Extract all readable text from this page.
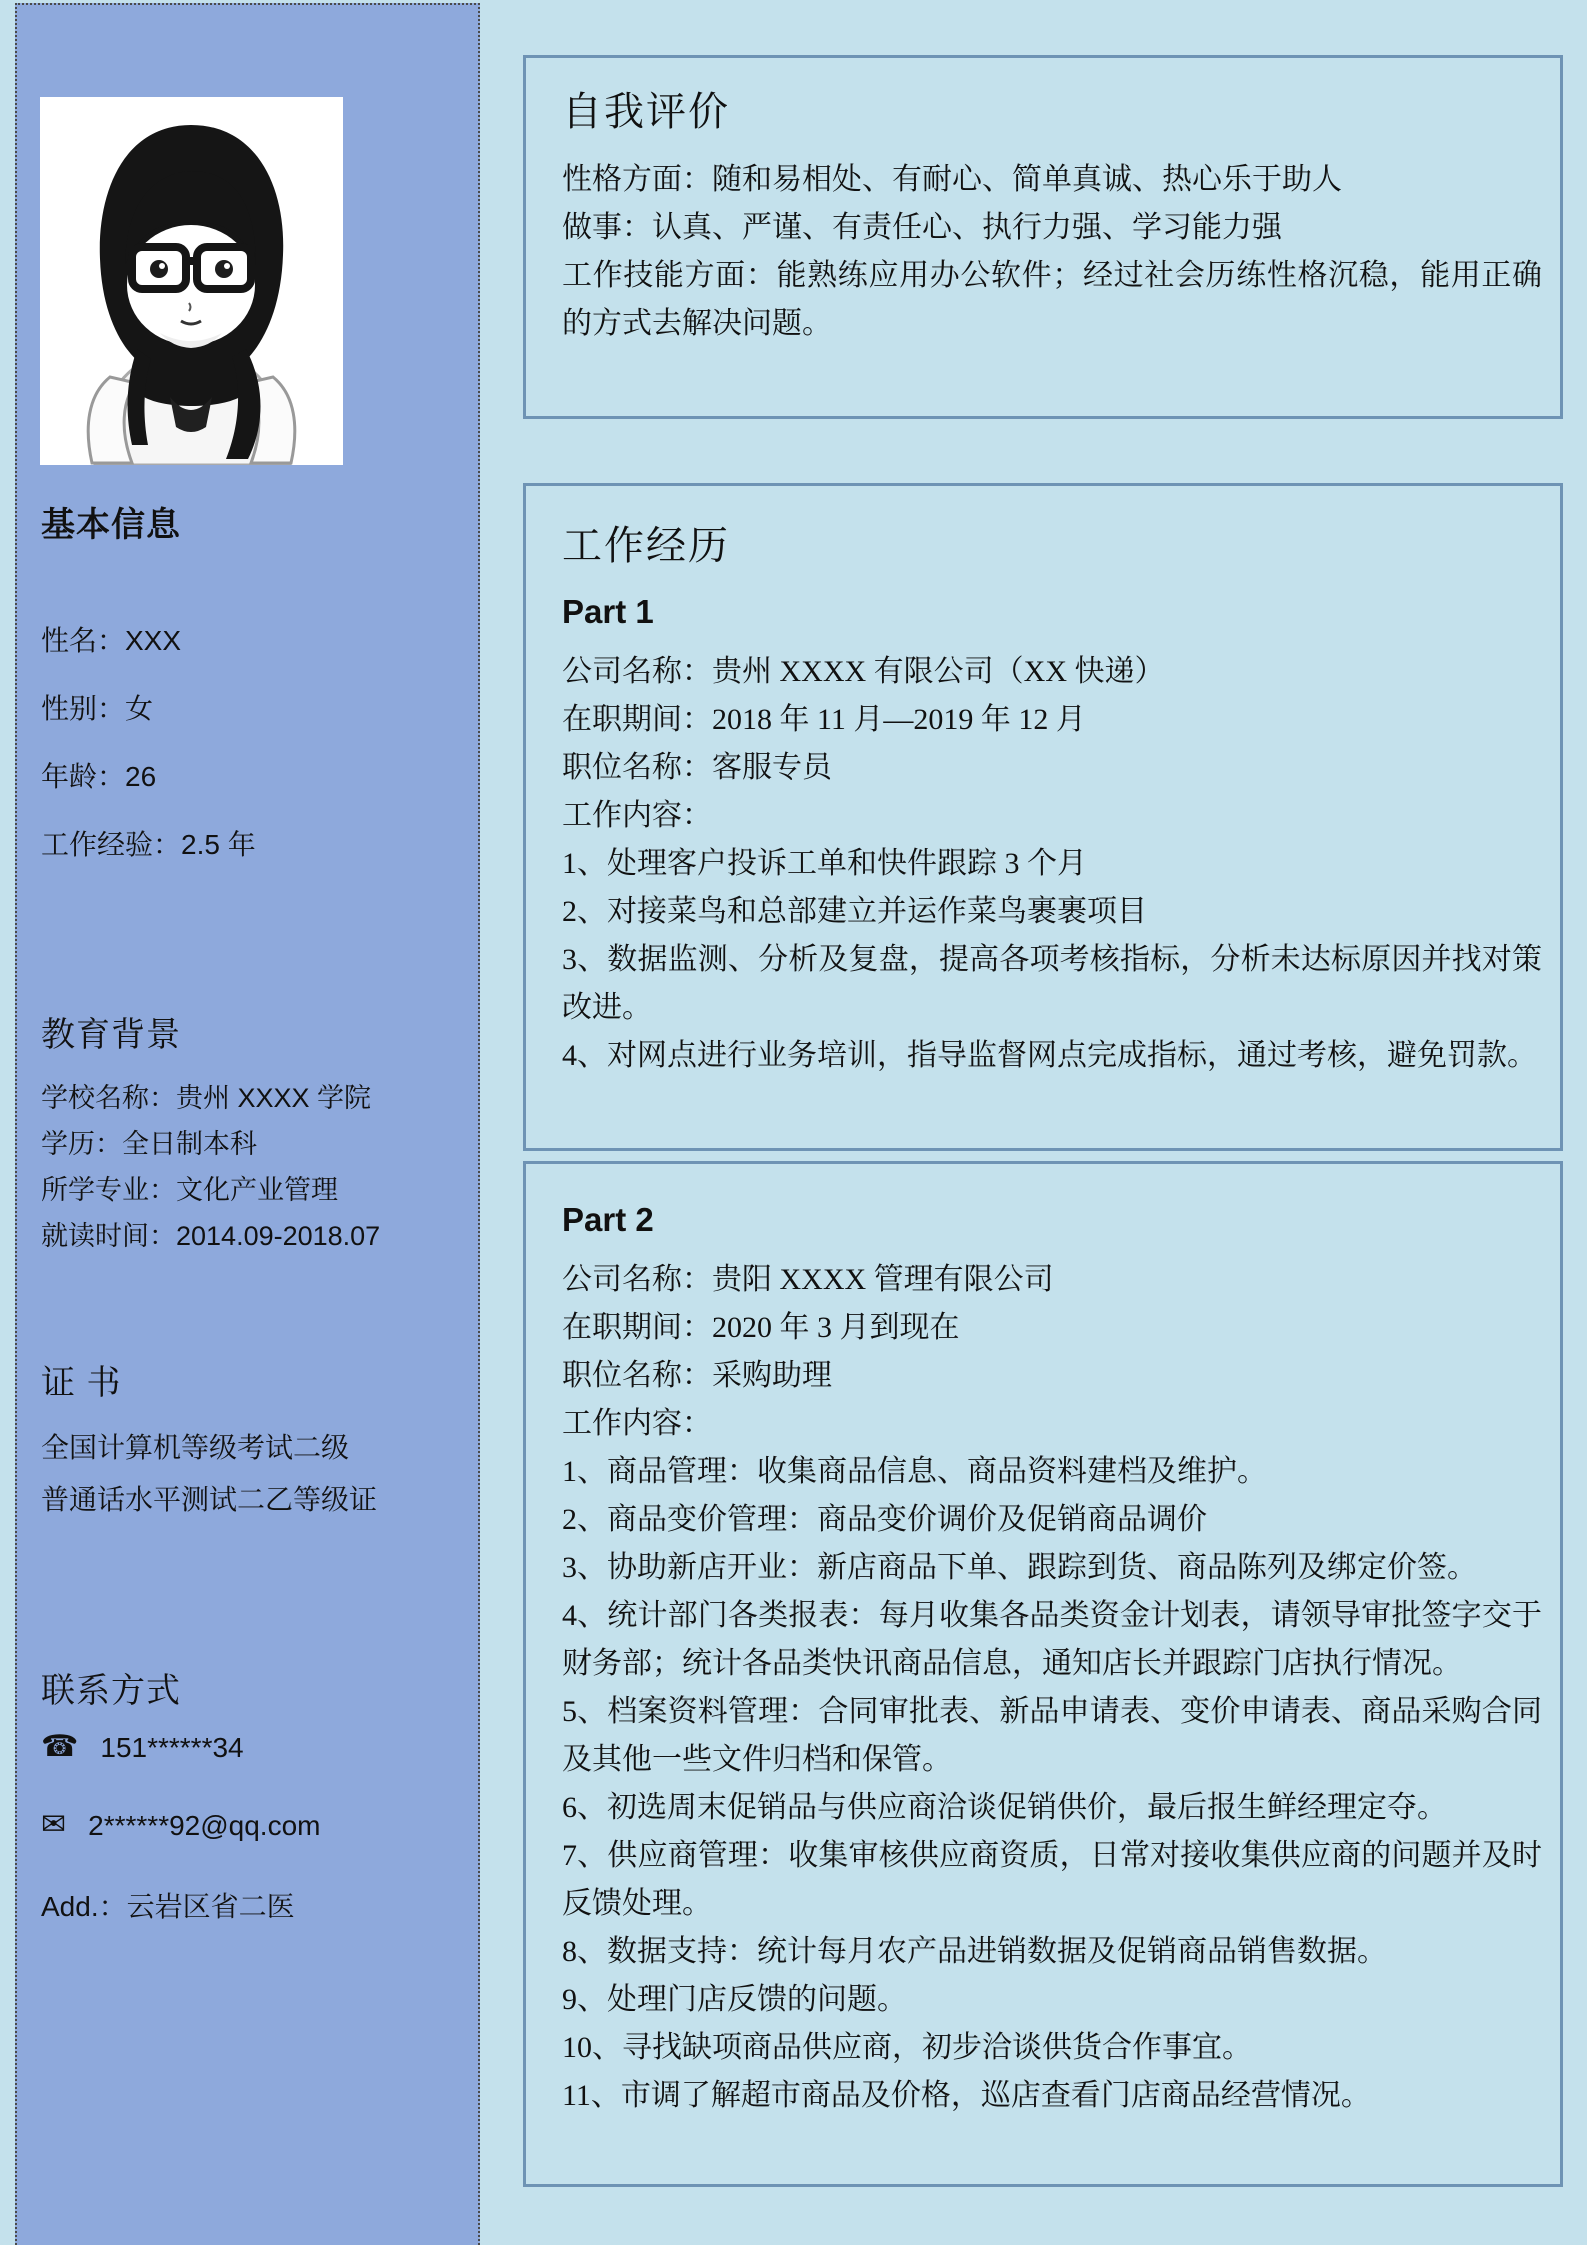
基本信息

性名：XXX

性别：女

年龄：26

工作经验：2.5 年

教育背景

学校名称：贵州 XXXX 学院

学历：全日制本科

所学专业：文化产业管理

就读时间：2014.09-2018.07

证 书

全国计算机等级考试二级

普通话水平测试二乙等级证

联系方式
☎ 151******34
✉ 2******92@qq.com
Add.： 云岩区省二医
自我评价

性格方面：随和易相处、有耐心、简单真诚、热心乐于助人

做事：认真、严谨、有责任心、执行力强、学习能力强

工作技能方面：能熟练应用办公软件；经过社会历练性格沉稳，能用正确的方式去解决问题。

工作经历
Part 1

公司名称：贵州 XXXX 有限公司（XX 快递）

在职期间：2018 年 11 月—2019 年 12 月

职位名称：客服专员

工作内容：

1、处理客户投诉工单和快件跟踪 3 个月

2、对接菜鸟和总部建立并运作菜鸟裹裹项目

3、数据监测、分析及复盘，提高各项考核指标，分析未达标原因并找对策改进。

4、对网点进行业务培训，指导监督网点完成指标，通过考核，避免罚款。

Part 2

公司名称：贵阳 XXXX 管理有限公司

在职期间：2020 年 3 月到现在

职位名称：采购助理

工作内容：

1、商品管理：收集商品信息、商品资料建档及维护。

2、商品变价管理：商品变价调价及促销商品调价

3、协助新店开业：新店商品下单、跟踪到货、商品陈列及绑定价签。

4、统计部门各类报表：每月收集各品类资金计划表，请领导审批签字交于财务部；统计各品类快讯商品信息，通知店长并跟踪门店执行情况。

5、档案资料管理：合同审批表、新品申请表、变价申请表、商品采购合同及其他一些文件归档和保管。

6、初选周末促销品与供应商洽谈促销供价，最后报生鲜经理定夺。

7、供应商管理：收集审核供应商资质，日常对接收集供应商的问题并及时反馈处理。

8、数据支持：统计每月农产品进销数据及促销商品销售数据。

9、处理门店反馈的问题。

10、寻找缺项商品供应商，初步洽谈供货合作事宜。

11、市调了解超市商品及价格，巡店查看门店商品经营情况。
